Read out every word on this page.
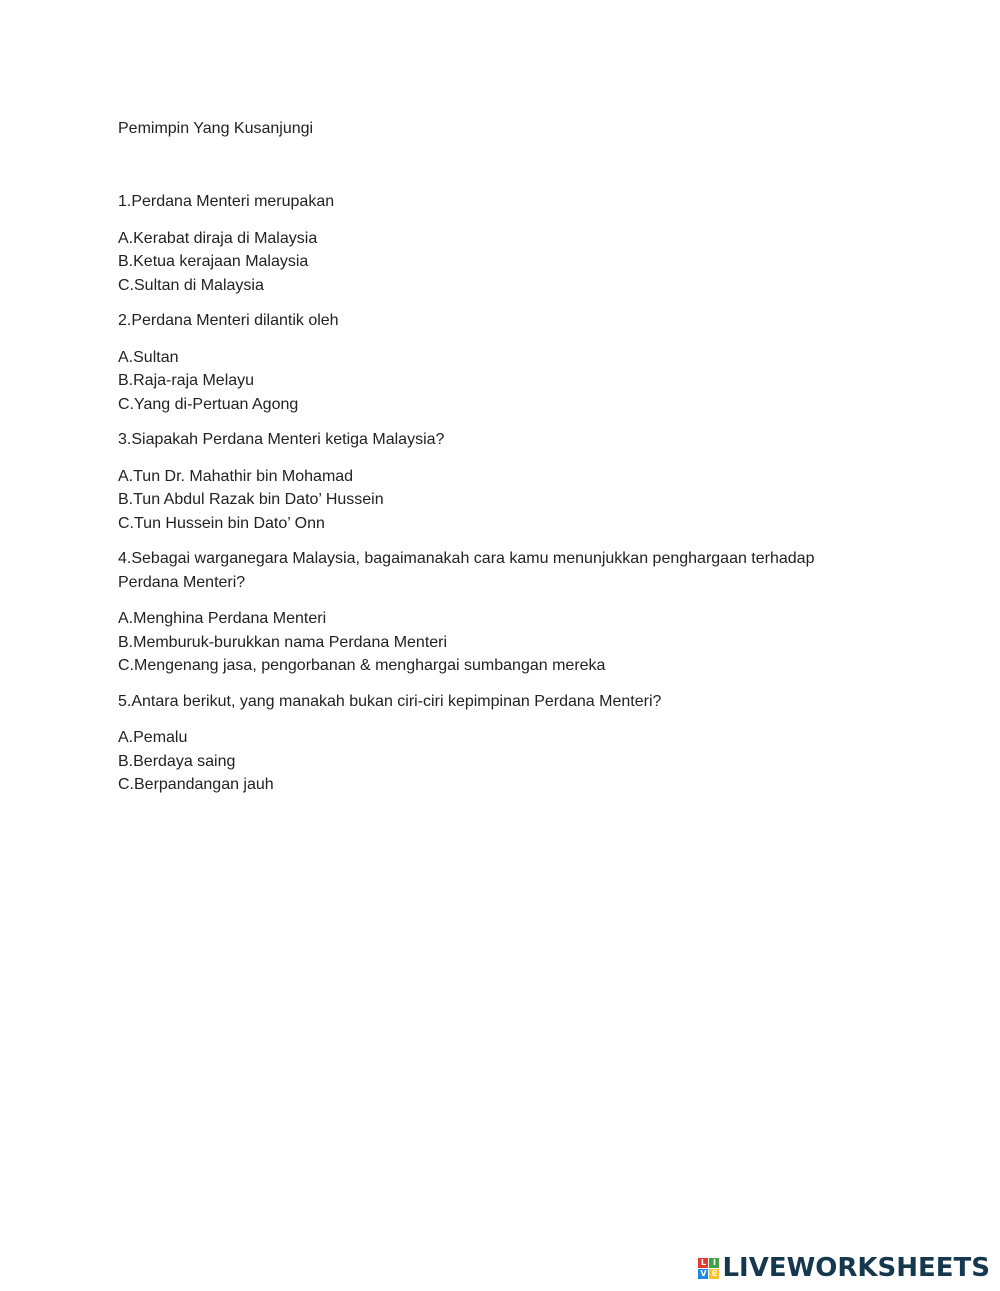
Pemimpin Yang Kusanjungi

1.Perdana Menteri merupakan

A.Kerabat diraja di Malaysia
B.Ketua kerajaan Malaysia
C.Sultan di Malaysia

2.Perdana Menteri dilantik oleh

A.Sultan
B.Raja-raja Melayu
C.Yang di-Pertuan Agong

3.Siapakah Perdana Menteri ketiga Malaysia?

A.Tun Dr. Mahathir bin Mohamad
B.Tun Abdul Razak bin Dato’ Hussein
C.Tun Hussein bin Dato’ Onn

4.Sebagai warganegara Malaysia, bagaimanakah cara kamu menunjukkan penghargaan terhadap Perdana Menteri?

A.Menghina Perdana Menteri
B.Memburuk-burukkan nama Perdana Menteri
C.Mengenang jasa, pengorbanan & menghargai sumbangan mereka

5.Antara berikut, yang manakah bukan ciri-ciri kepimpinan Perdana Menteri?

A.Pemalu
B.Berdaya saing
C.Berpandangan jauh
L I
V E LIVEWORKSHEETS
